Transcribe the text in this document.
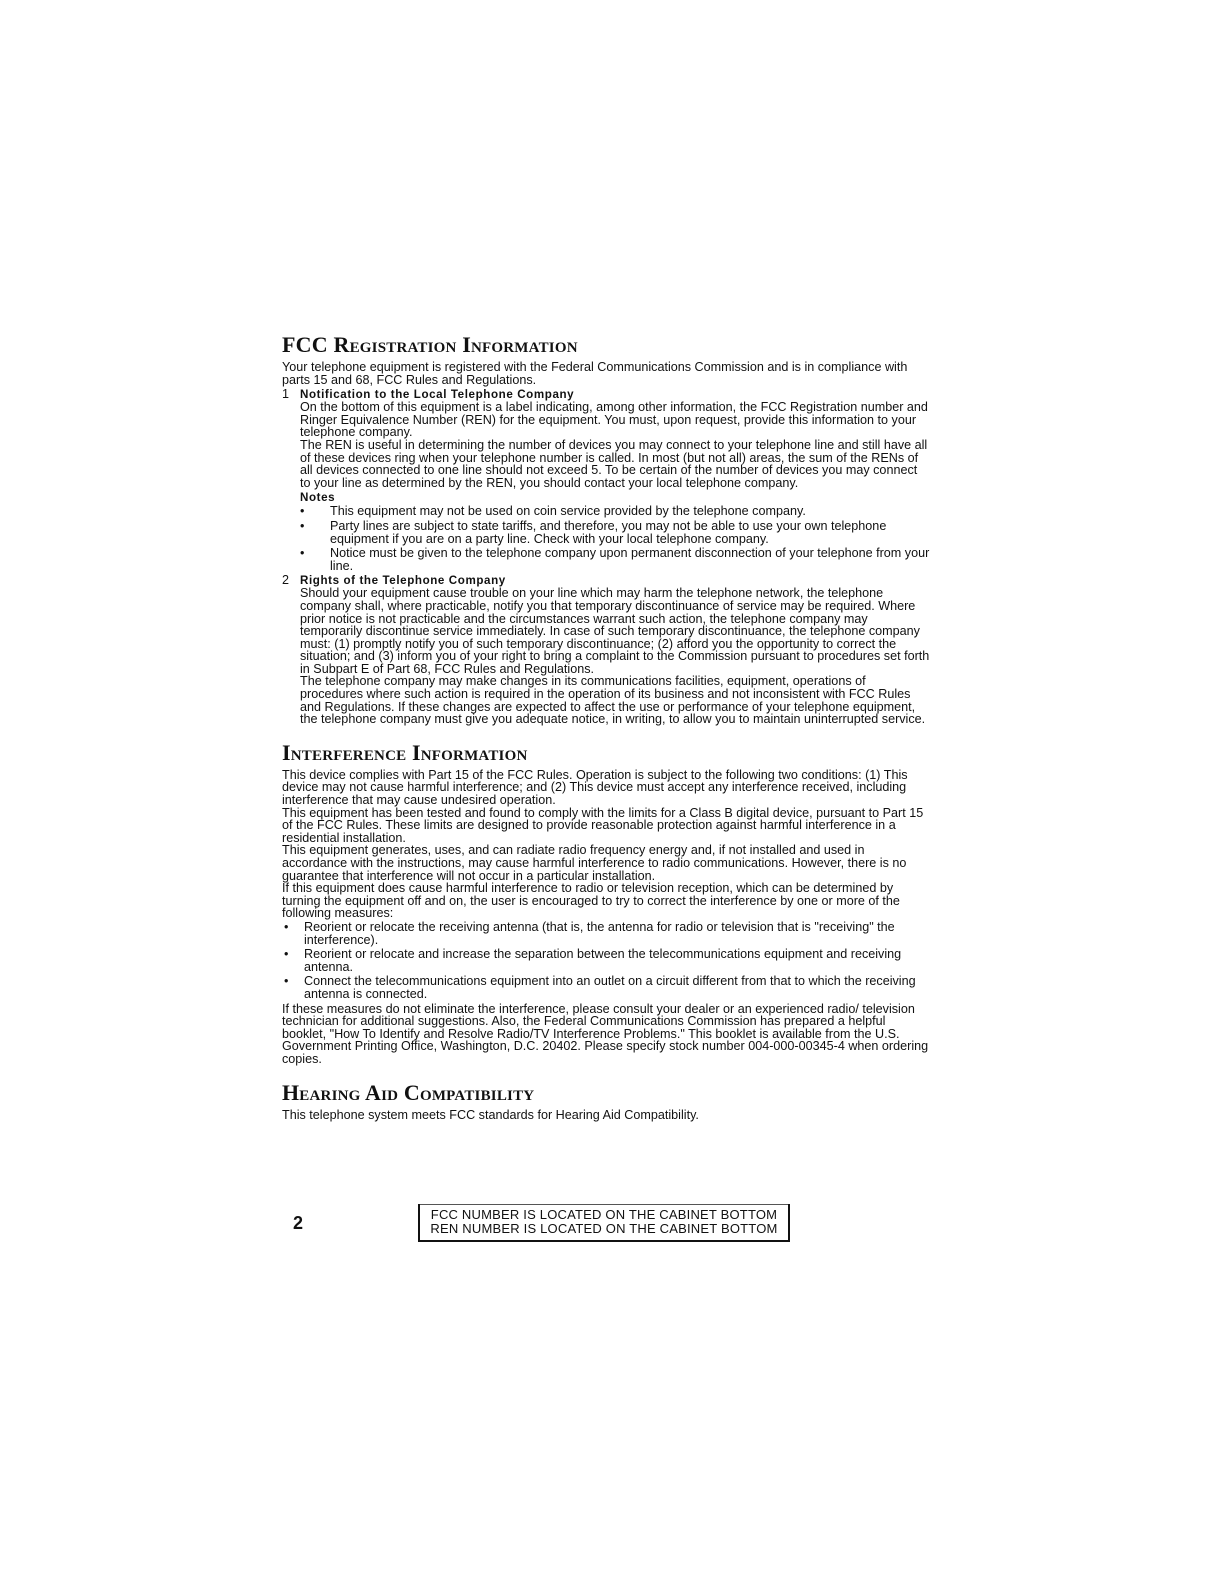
FCC Registration Information

Your telephone equipment is registered with the Federal Communications Commission and is in compliance with parts 15 and 68, FCC Rules and Regulations.

1 Notification to the Local Telephone Company

On the bottom of this equipment is a label indicating, among other information, the FCC Registration number and Ringer Equivalence Number (REN) for the equipment. You must, upon request, provide this information to your telephone company.

The REN is useful in determining the number of devices you may connect to your telephone line and still have all of these devices ring when your telephone number is called. In most (but not all) areas, the sum of the RENs of all devices connected to one line should not exceed 5. To be certain of the number of devices you may connect to your line as determined by the REN, you should contact your local telephone company.

Notes
• This equipment may not be used on coin service provided by the telephone company.
• Party lines are subject to state tariffs, and therefore, you may not be able to use your own telephone equipment if you are on a party line. Check with your local telephone company.
• Notice must be given to the telephone company upon permanent disconnection of your telephone from your line.
2 Rights of the Telephone Company

Should your equipment cause trouble on your line which may harm the telephone network, the telephone company shall, where practicable, notify you that temporary discontinuance of service may be required. Where prior notice is not practicable and the circumstances warrant such action, the telephone company may temporarily discontinue service immediately. In case of such temporary discontinuance, the telephone company must: (1) promptly notify you of such temporary discontinuance; (2) afford you the opportunity to correct the situation; and (3) inform you of your right to bring a complaint to the Commission pursuant to procedures set forth in Subpart E of Part 68, FCC Rules and Regulations.

The telephone company may make changes in its communications facilities, equipment, operations of procedures where such action is required in the operation of its business and not inconsistent with FCC Rules and Regulations. If these changes are expected to affect the use or performance of your telephone equipment, the telephone company must give you adequate notice, in writing, to allow you to maintain uninterrupted service.

Interference Information

This device complies with Part 15 of the FCC Rules. Operation is subject to the following two conditions: (1) This device may not cause harmful interference; and (2) This device must accept any interference received, including interference that may cause undesired operation.

This equipment has been tested and found to comply with the limits for a Class B digital device, pursuant to Part 15 of the FCC Rules. These limits are designed to provide reasonable protection against harmful interference in a residential installation.

This equipment generates, uses, and can radiate radio frequency energy and, if not installed and used in accordance with the instructions, may cause harmful interference to radio communications. However, there is no guarantee that interference will not occur in a particular installation.

If this equipment does cause harmful interference to radio or television reception, which can be determined by turning the equipment off and on, the user is encouraged to try to correct the interference by one or more of the following measures:

• Reorient or relocate the receiving antenna (that is, the antenna for radio or television that is "receiving" the interference).
• Reorient or relocate and increase the separation between the telecommunications equipment and receiving antenna.
• Connect the telecommunications equipment into an outlet on a circuit different from that to which the receiving antenna is connected.

If these measures do not eliminate the interference, please consult your dealer or an experienced radio/ television technician for additional suggestions. Also, the Federal Communications Commission has prepared a helpful booklet, "How To Identify and Resolve Radio/TV Interference Problems." This booklet is available from the U.S. Government Printing Office, Washington, D.C. 20402. Please specify stock number 004-000-00345-4 when ordering copies.

Hearing Aid Compatibility

This telephone system meets FCC standards for Hearing Aid Compatibility.

2	FCC NUMBER IS LOCATED ON THE CABINET BOTTOM
REN NUMBER IS LOCATED ON THE CABINET BOTTOM
